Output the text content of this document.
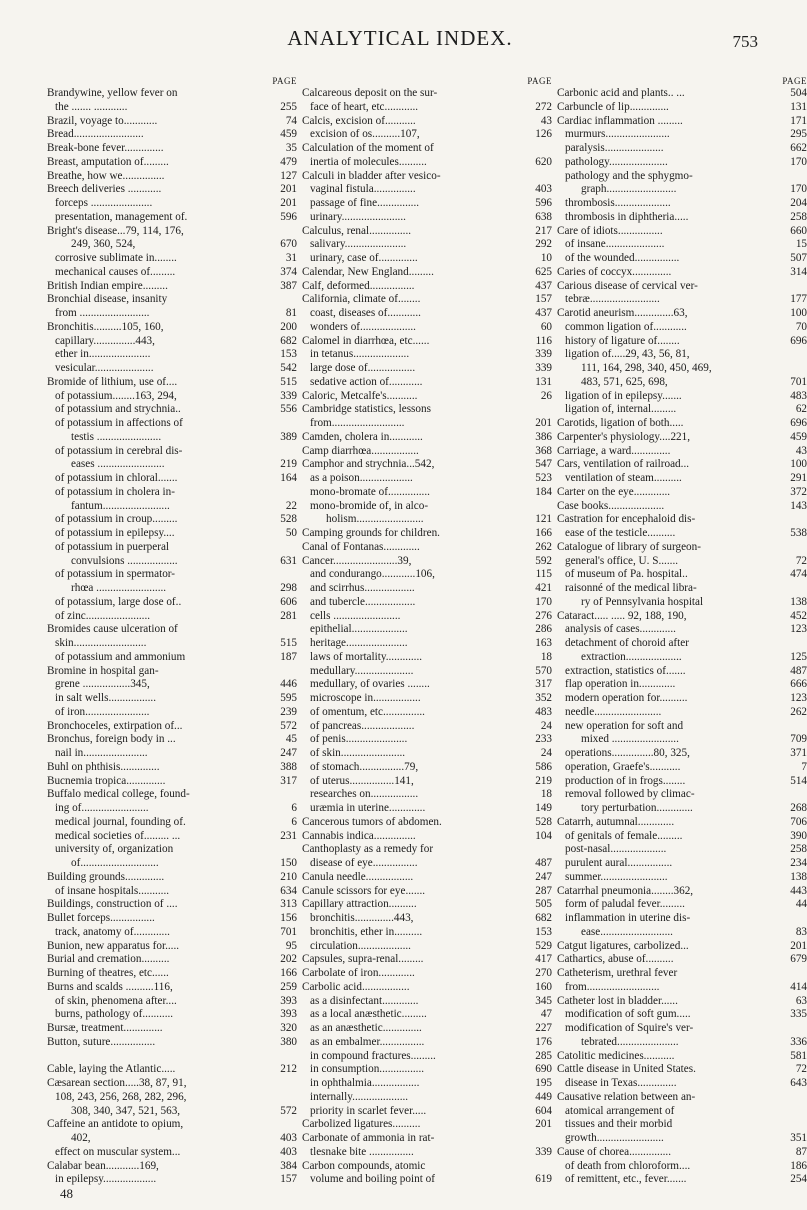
ANALYTICAL INDEX.	753
PAGE
Brandywine, yellow fever on
the ....... ............	255
Brazil, voyage to............	74
Bread.........................	459
Break-bone fever..............	35
Breast, amputation of.........	479
Breathe, how we...............	127
Breech deliveries ............	201
forceps ......................	201
presentation, management of.	596
Bright's disease...79, 114, 176,
249, 360, 524,	670
corrosive sublimate in........	31
mechanical causes of.........	374
British Indian empire.........	387
Bronchial disease, insanity
from .........................	81
Bronchitis..........105, 160,	200
capillary...............443,	682
ether in......................	153
vesicular.....................	542
Bromide of lithium, use of....	515
of potassium........163, 294,	339
of potassium and strychnia..	556
of potassium in affections of
testis .......................	389
of potassium in cerebral dis-
eases ........................	219
of potassium in chloral.......	164
of potassium in cholera in-
fantum........................	22
of potassium in croup.........	528
of potassium in epilepsy....	50
of potassium in puerperal
convulsions ..................	631
of potassium in spermator-
rhœa .........................	298
of potassium, large dose of..	606
of zinc.......................	281
Bromides cause ulceration of
skin..........................	515
of potassium and ammonium	187
Bromine in hospital gan-
grene .................345,	446
in salt wells.................	595
of iron.......................	239
Bronchoceles, extirpation of...	572
Bronchus, foreign body in ...	45
nail in.......................	247
Buhl on phthisis..............	388
Bucnemia tropica..............	317
Buffalo medical college, found-
ing of........................	6
medical journal, founding of.	6
medical societies of......... ...	231
university of, organization
of............................	150
Building grounds..............	210
of insane hospitals...........	634
Buildings, construction of ....	313
Bullet forceps................	156
track, anatomy of.............	701
Bunion, new apparatus for.....	95
Burial and cremation..........	202
Burning of theatres, etc......	166
Burns and scalds ..........116,	259
of skin, phenomena after....	393
burns, pathology of...........	393
Bursæ, treatment..............	320
Button, suture................	380
Cable, laying the Atlantic.....	212
Cæsarean section.....38, 87, 91,
108, 243, 256, 268, 282, 296,
308, 340, 347, 521, 563,	572
Caffeine an antidote to opium,
402,	403
effect on muscular system...	403
Calabar bean............169,	384
in epilepsy...................	157
PAGE
Calcareous deposit on the sur-
face of heart, etc............	272
Calcis, excision of...........	43
excision of os..........107,	126
Calculation of the moment of
inertia of molecules..........	620
Calculi in bladder after vesico-
vaginal fistula...............	403
passage of fine...............	596
urinary.......................	638
Calculus, renal...............	217
salivary......................	292
urinary, case of..............	10
Calendar, New England.........	625
Calf, deformed................	437
California, climate of........	157
coast, diseases of............	437
wonders of....................	60
Calomel in diarrhœa, etc......	116
in tetanus....................	339
large dose of.................	339
sedative action of............	131
Caloric, Metcalfe's...........	26
Cambridge statistics, lessons
from..........................	201
Camden, cholera in............	386
Camp diarrhœa.................	368
Camphor and strychnia...542,	547
as a poison...................	523
mono-bromate of...............	184
mono-bromide of, in alco-
holism........................	121
Camping grounds for children.	166
Canal of Fontanas.............	262
Cancer.......................39,	592
and condurango............106,	115
and scirrhus..................	421
and tubercle..................	170
cells ........................	276
epithelial....................	286
heritage......................	163
laws of mortality.............	18
medullary.....................	570
medullary, of ovaries ........	317
microscope in.................	352
of omentum, etc...............	483
of pancreas...................	24
of penis......................	233
of skin.......................	24
of stomach................79,	586
of uterus................141,	219
researches on.................	18
uræmia in uterine.............	149
Cancerous tumors of abdomen.	528
Cannabis indica...............	104
Canthoplasty as a remedy for
disease of eye................	487
Canula needle.................	247
Canule scissors for eye.......	287
Capillary attraction..........	505
bronchitis..............443,	682
bronchitis, ether in..........	153
circulation...................	529
Capsules, supra-renal.........	417
Carbolate of iron.............	270
Carbolic acid.................	160
as a disinfectant.............	345
as a local anæsthetic.........	47
as an anæsthetic..............	227
as an embalmer................	176
in compound fractures.........	285
in consumption................	690
in ophthalmia.................	195
internally....................	449
priority in scarlet fever.....	604
Carbolized ligatures..........	201
Carbonate of ammonia in rat-
tlesnake bite ................	339
Carbon compounds, atomic
volume and boiling point of	619
PAGE
Carbonic acid and plants.. ...	504
Carbuncle of lip..............	131
Cardiac inflammation .........	171
murmurs.......................	295
paralysis.....................	662
pathology.....................	170
pathology and the sphygmo-
graph.........................	170
thrombosis....................	204
thrombosis in diphtheria.....	258
Care of idiots................	660
of insane.....................	15
of the wounded................	507
Caries of coccyx..............	314
Carious disease of cervical ver-
tebræ.........................	177
Carotid aneurism..............63,	100
common ligation of............	70
history of ligature of........	696
ligation of.....29, 43, 56, 81,
111, 164, 298, 340, 450, 469,
483, 571, 625, 698,	701
ligation of in epilepsy.......	483
ligation of, internal.........	62
Carotids, ligation of both.....	696
Carpenter's physiology....221,	459
Carriage, a ward..............	43
Cars, ventilation of railroad...	100
ventilation of steam..........	291
Carter on the eye.............	372
Case books....................	143
Castration for encephaloid dis-
ease of the testicle..........	538
Catalogue of library of surgeon-
general's office, U. S.......	72
of museum of Pa. hospital..	474
raisonné of the medical libra-
ry of Pennsylvania hospital	138
Cataract..... ..... 92, 188, 190,	452
analysis of cases.............	123
detachment of choroid after
extraction....................	125
extraction, statistics of.......	487
flap operation in.............	666
modern operation for..........	123
needle........................	262
new operation for soft and
mixed ........................	709
operations...............80, 325,	371
operation, Graefe's...........	7
production of in frogs........	514
removal followed by climac-
tory perturbation.............	268
Catarrh, autumnal.............	706
of genitals of female.........	390
post-nasal....................	258
purulent aural................	234
summer........................	138
Catarrhal pneumonia........362,	443
form of paludal fever.........	44
inflammation in uterine dis-
ease..........................	83
Catgut ligatures, carbolized...	201
Cathartics, abuse of..........	679
Catheterism, urethral fever
from..........................	414
Catheter lost in bladder......	63
modification of soft gum.....	335
modification of Squire's ver-
tebrated......................	336
Catolitic medicines...........	581
Cattle disease in United States.	72
disease in Texas..............	643
Causative relation between an-
atomical arrangement of
tissues and their morbid
growth........................	351
Cause of chorea...............	87
of death from chloroform....	186
of remittent, etc., fever.......	254
48
